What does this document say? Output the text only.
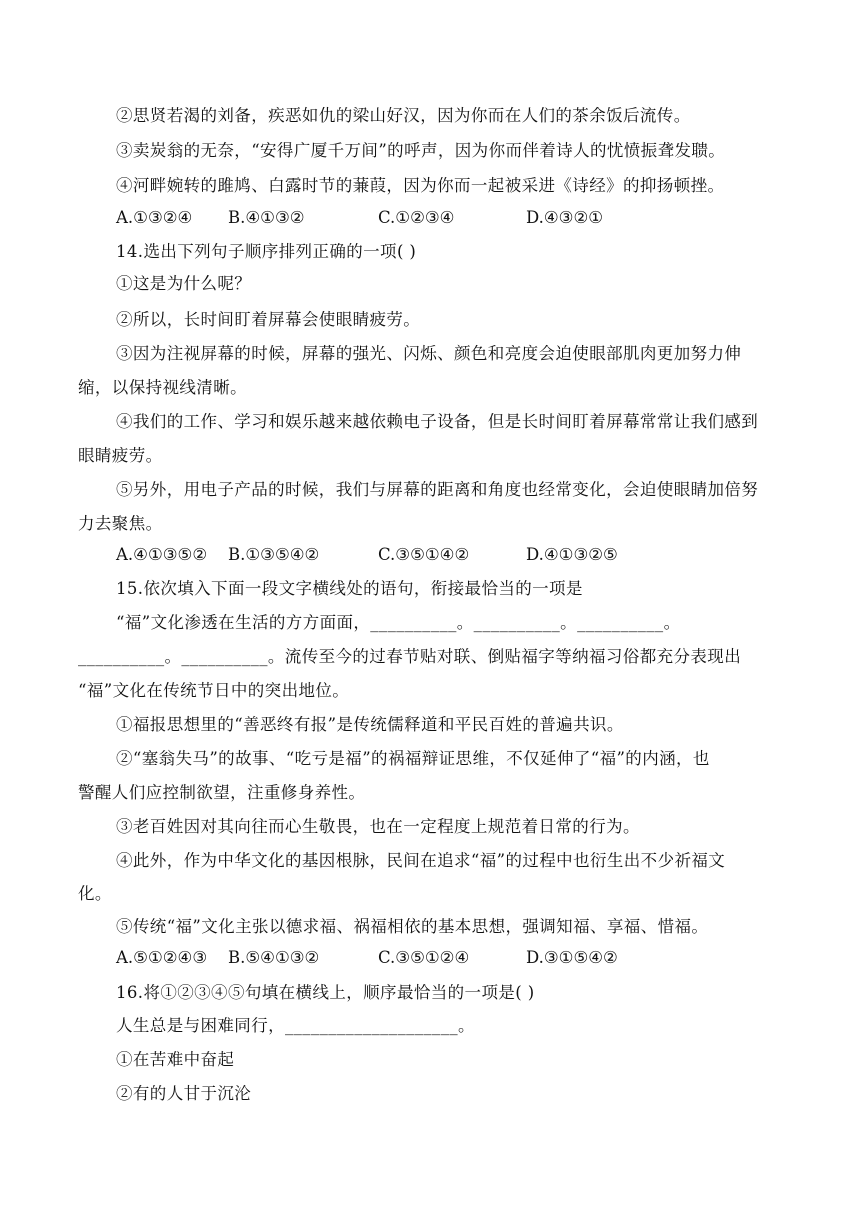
②思贤若渴的刘备，疾恶如仇的梁山好汉，因为你而在人们的茶余饭后流传。
③卖炭翁的无奈，“安得广厦千万间”的呼声，因为你而伴着诗人的忧愤振聋发聩。
④河畔婉转的雎鸠、白露时节的蒹葭，因为你而一起被采进《诗经》的抑扬顿挫。
A.①③②④ B.④①③②	C.①②③④	D.④③②①
14.选出下列句子顺序排列正确的一项( )
①这是为什么呢？
②所以，长时间盯着屏幕会使眼睛疲劳。
③因为注视屏幕的时候，屏幕的强光、闪烁、颜色和亮度会迫使眼部肌肉更加努力伸
缩，以保持视线清晰。
④我们的工作、学习和娱乐越来越依赖电子设备，但是长时间盯着屏幕常常让我们感到
眼睛疲劳。
⑤另外，用电子产品的时候，我们与屏幕的距离和角度也经常变化，会迫使眼睛加倍努
力去聚焦。
A.④①③⑤② B.①③⑤④②	C.③⑤①④②	D.④①③②⑤
15.依次填入下面一段文字横线处的语句，衔接最恰当的一项是
“福”文化渗透在生活的方方面面，__________。__________。__________。
__________。__________。流传至今的过春节贴对联、倒贴福字等纳福习俗都充分表现出
“福”文化在传统节日中的突出地位。
①福报思想里的“善恶终有报”是传统儒释道和平民百姓的普遍共识。
②“塞翁失马”的故事、“吃亏是福”的祸福辩证思维，不仅延伸了“福”的内涵，也
警醒人们应控制欲望，注重修身养性。
③老百姓因对其向往而心生敬畏，也在一定程度上规范着日常的行为。
④此外，作为中华文化的基因根脉，民间在追求“福”的过程中也衍生出不少祈福文
化。
⑤传统“福”文化主张以德求福、祸福相依的基本思想，强调知福、享福、惜福。
A.⑤①②④③ B.⑤④①③②	C.③⑤①②④	D.③①⑤④②
16.将①②③④⑤句填在横线上，顺序最恰当的一项是( )
人生总是与困难同行，____________________。
①在苦难中奋起
②有的人甘于沉沦
